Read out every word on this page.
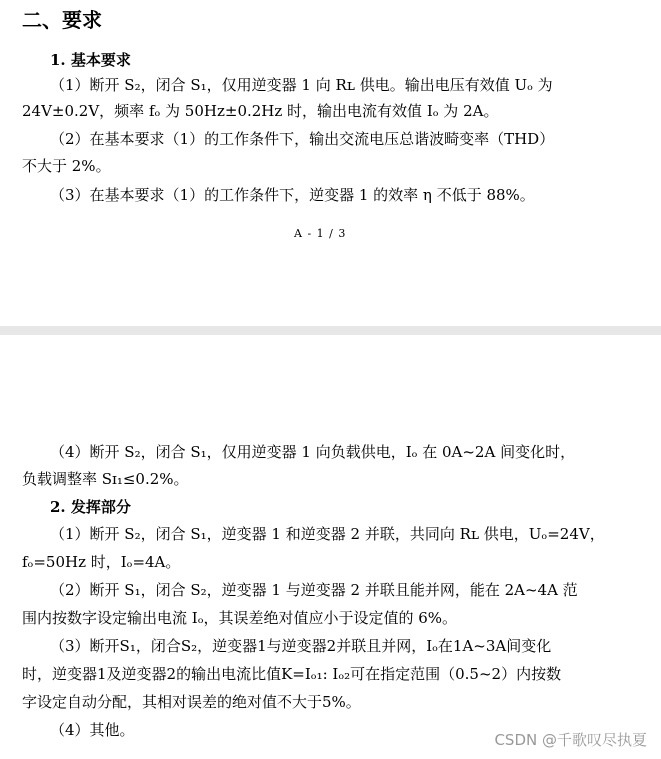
二、要求
1. 基本要求
（1）断开 S₂，闭合 S₁，仅用逆变器 1 向 Rʟ 供电。输出电压有效值 Uₒ 为
24V±0.2V，频率 fₒ 为 50Hz±0.2Hz 时，输出电流有效值 Iₒ 为 2A。
（2）在基本要求（1）的工作条件下，输出交流电压总谐波畸变率（THD）
不大于 2%。
（3）在基本要求（1）的工作条件下，逆变器 1 的效率 η 不低于 88%。
A - 1 / 3
（4）断开 S₂，闭合 S₁，仅用逆变器 1 向负载供电，Iₒ 在 0A~2A 间变化时，
负载调整率 Sɪ₁≤0.2%。
2. 发挥部分
（1）断开 S₂，闭合 S₁，逆变器 1 和逆变器 2 并联，共同向 Rʟ 供电，Uₒ=24V，
fₒ=50Hz 时，Iₒ=4A。
（2）断开 S₁，闭合 S₂，逆变器 1 与逆变器 2 并联且能并网，能在 2A~4A 范
围内按数字设定输出电流 Iₒ，其误差绝对值应小于设定值的 6%。
（3）断开S₁，闭合S₂，逆变器1与逆变器2并联且并网，Iₒ在1A~3A间变化
时，逆变器1及逆变器2的输出电流比值K=Iₒ₁: Iₒ₂可在指定范围（0.5~2）内按数
字设定自动分配，其相对误差的绝对值不大于5%。
（4）其他。
CSDN @千歌叹尽执夏
